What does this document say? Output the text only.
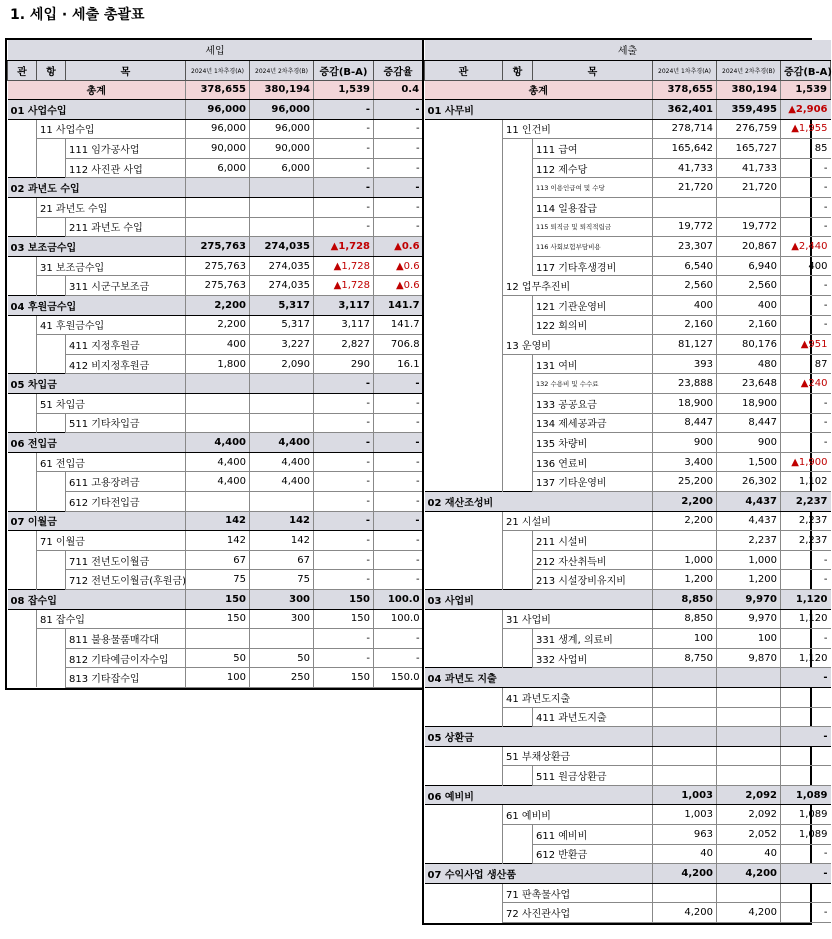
1. 세입 · 세출 총괄표
세입						
관	항	목	2024년 1차추경(A)	2024년 2차추경(B)	증감(B-A)	증감율
총계			378,655	380,194	1,539	0.4
01 사업수입			96,000	96,000	-	-
	11 사업수입		96,000	96,000	-	-
		111 임가공사업	90,000	90,000	-	-
		112 사진관 사업	6,000	6,000	-	-
02 과년도 수입					-	-
	21 과년도 수입				-	-
		211 과년도 수입			-	-
03 보조금수입			275,763	274,035	▲1,728	▲0.6
	31 보조금수입		275,763	274,035	▲1,728	▲0.6
		311 시군구보조금	275,763	274,035	▲1,728	▲0.6
04 후원금수입			2,200	5,317	3,117	141.7
	41 후원금수입		2,200	5,317	3,117	141.7
		411 지정후원금	400	3,227	2,827	706.8
		412 비지정후원금	1,800	2,090	290	16.1
05 차입금					-	-
	51 차입금				-	-
		511 기타차입금			-	-
06 전입금			4,400	4,400	-	-
	61 전입금		4,400	4,400	-	-
		611 고용장려금	4,400	4,400	-	-
		612 기타전입금			-	-
07 이월금			142	142	-	-
	71 이월금		142	142	-	-
		711 전년도이월금	67	67	-	-
		712 전년도이월금(후원금)	75	75	-	-
08 잡수입			150	300	150	100.0
	81 잡수입		150	300	150	100.0
		811 불용물품매각대			-	-
		812 기타예금이자수입	50	50	-	-
		813 기타잡수입	100	250	150	150.0
세출					
관	항	목	2024년 1차추경(A)	2024년 2차추경(B)	증감(B-A)
총계			378,655	380,194	1,539
01 사무비			362,401	359,495	▲2,906
	11 인건비		278,714	276,759	▲1,955
		111 급여	165,642	165,727	85
		112 제수당	41,733	41,733	-
		113 이용인급여 및 수당	21,720	21,720	-
		114 일용잡급			-
		115 퇴직금 및 퇴직적립금	19,772	19,772	-
		116 사회보험부담비용	23,307	20,867	▲2,440
		117 기타후생경비	6,540	6,940	400
	12 업무추진비		2,560	2,560	-
		121 기관운영비	400	400	-
		122 회의비	2,160	2,160	-
	13 운영비		81,127	80,176	▲951
		131 여비	393	480	87
		132 수용비 및 수수료	23,888	23,648	▲240
		133 공공요금	18,900	18,900	-
		134 제세공과금	8,447	8,447	-
		135 차량비	900	900	-
		136 연료비	3,400	1,500	▲1,900
		137 기타운영비	25,200	26,302	1,102
02 재산조성비			2,200	4,437	2,237
	21 시설비		2,200	4,437	2,237
		211 시설비		2,237	2,237
		212 자산취득비	1,000	1,000	-
		213 시설장비유지비	1,200	1,200	-
03 사업비			8,850	9,970	1,120
	31 사업비		8,850	9,970	1,120
		331 생계, 의료비	100	100	-
		332 사업비	8,750	9,870	1,120
04 과년도 지출					-
	41 과년도지출				
		411 과년도지출			
05 상환금					-
	51 부채상환금				
		511 원금상환금			
06 예비비			1,003	2,092	1,089
	61 예비비		1,003	2,092	1,089
		611 예비비	963	2,052	1,089
		612 반환금	40	40	-
07 수익사업 생산품			4,200	4,200	-
	71 판촉물사업				
	72 사진관사업		4,200	4,200	-
